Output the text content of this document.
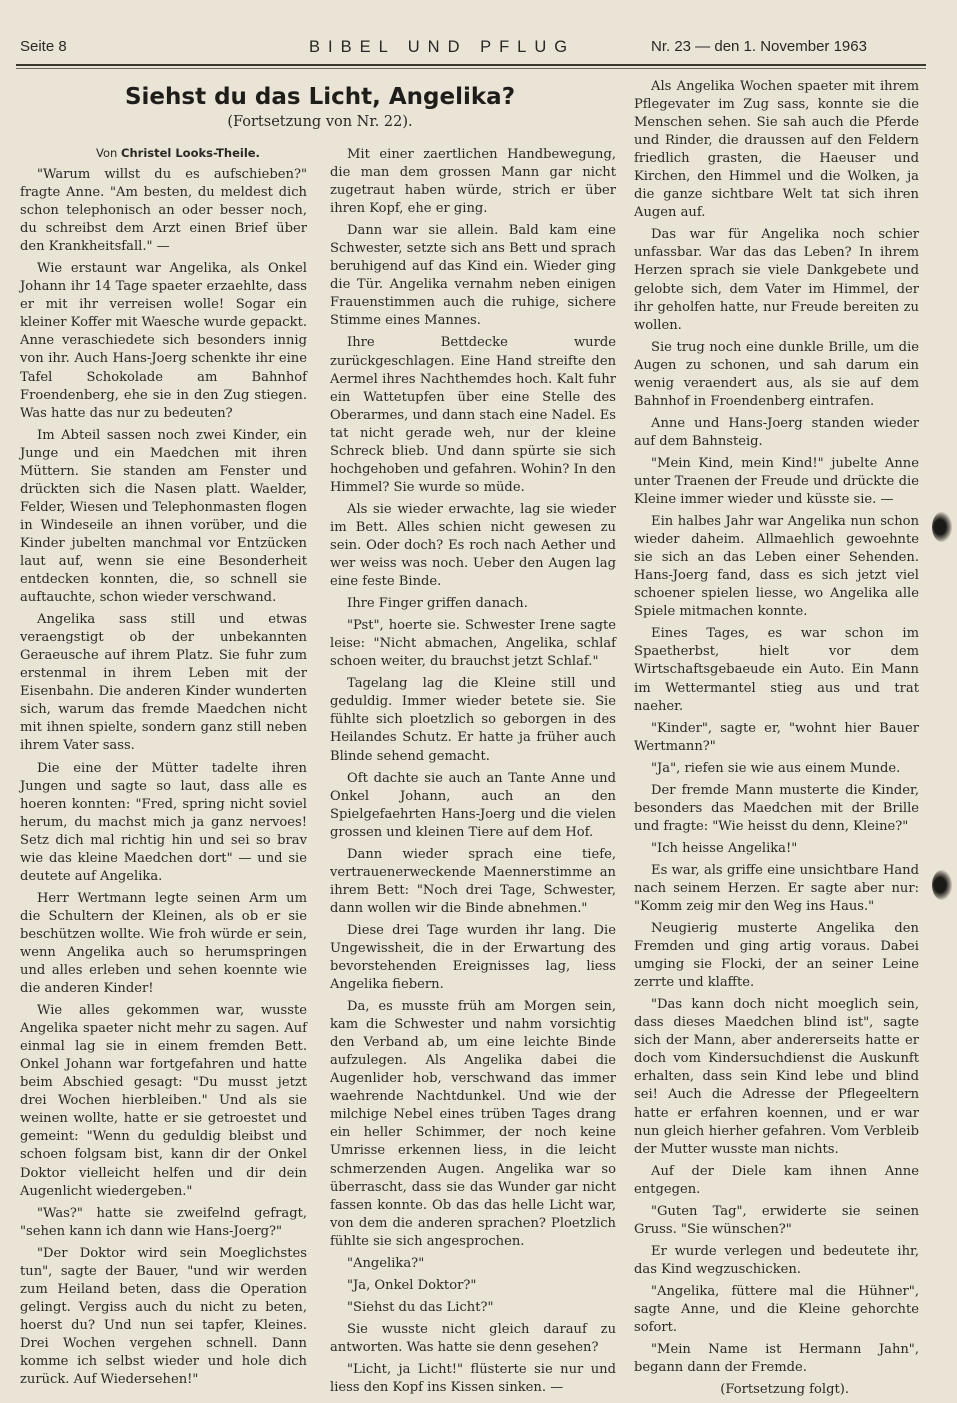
Seite 8	BIBEL UND PFLUG	Nr. 23 — den 1. November 1963
Siehst du das Licht, Angelika?
(Fortsetzung von Nr. 22).
Von Christel Looks-Theile.

"Warum willst du es aufschieben?" fragte Anne. "Am besten, du meldest dich schon telephonisch an oder besser noch, du schreibst dem Arzt einen Brief über den Krankheitsfall." —

Wie erstaunt war Angelika, als Onkel Johann ihr 14 Tage spaeter erzaehlte, dass er mit ihr verreisen wolle! Sogar ein kleiner Koffer mit Waesche wurde gepackt. Anne veraschiedete sich besonders innig von ihr. Auch Hans-Joerg schenkte ihr eine Tafel Schokolade am Bahnhof Froendenberg, ehe sie in den Zug stiegen. Was hatte das nur zu bedeuten?

Im Abteil sassen noch zwei Kinder, ein Junge und ein Maedchen mit ihren Müttern. Sie standen am Fenster und drückten sich die Nasen platt. Waelder, Felder, Wiesen und Telephonmasten flogen in Windeseile an ihnen vorüber, und die Kinder jubelten manchmal vor Entzücken laut auf, wenn sie eine Besonderheit entdecken konnten, die, so schnell sie auftauchte, schon wieder verschwand.

Angelika sass still und etwas veraengstigt ob der unbekannten Geraeusche auf ihrem Platz. Sie fuhr zum erstenmal in ihrem Leben mit der Eisenbahn. Die anderen Kinder wunderten sich, warum das fremde Maedchen nicht mit ihnen spielte, sondern ganz still neben ihrem Vater sass.

Die eine der Mütter tadelte ihren Jungen und sagte so laut, dass alle es hoeren konnten: "Fred, spring nicht soviel herum, du machst mich ja ganz nervoes! Setz dich mal richtig hin und sei so brav wie das kleine Maedchen dort" — und sie deutete auf Angelika.

Herr Wertmann legte seinen Arm um die Schultern der Kleinen, als ob er sie beschützen wollte. Wie froh würde er sein, wenn Angelika auch so herumspringen und alles erleben und sehen koennte wie die anderen Kinder!

Wie alles gekommen war, wusste Angelika spaeter nicht mehr zu sagen. Auf einmal lag sie in einem fremden Bett. Onkel Johann war fortgefahren und hatte beim Abschied gesagt: "Du musst jetzt drei Wochen hierbleiben." Und als sie weinen wollte, hatte er sie getroestet und gemeint: "Wenn du geduldig bleibst und schoen folgsam bist, kann dir der Onkel Doktor vielleicht helfen und dir dein Augenlicht wiedergeben."

"Was?" hatte sie zweifelnd gefragt, "sehen kann ich dann wie Hans-Joerg?"

"Der Doktor wird sein Moeglichstes tun", sagte der Bauer, "und wir werden zum Heiland beten, dass die Operation gelingt. Vergiss auch du nicht zu beten, hoerst du? Und nun sei tapfer, Kleines. Drei Wochen vergehen schnell. Dann komme ich selbst wieder und hole dich zurück. Auf Wiedersehen!"

Mit einer zaertlichen Handbewegung, die man dem grossen Mann gar nicht zugetraut haben würde, strich er über ihren Kopf, ehe er ging.

Dann war sie allein. Bald kam eine Schwester, setzte sich ans Bett und sprach beruhigend auf das Kind ein. Wieder ging die Tür. Angelika vernahm neben einigen Frauenstimmen auch die ruhige, sichere Stimme eines Mannes.

Ihre Bettdecke wurde zurückgeschlagen. Eine Hand streifte den Aermel ihres Nachthemdes hoch. Kalt fuhr ein Wattetupfen über eine Stelle des Oberarmes, und dann stach eine Nadel. Es tat nicht gerade weh, nur der kleine Schreck blieb. Und dann spürte sie sich hochgehoben und gefahren. Wohin? In den Himmel? Sie wurde so müde.

Als sie wieder erwachte, lag sie wieder im Bett. Alles schien nicht gewesen zu sein. Oder doch? Es roch nach Aether und wer weiss was noch. Ueber den Augen lag eine feste Binde.

Ihre Finger griffen danach.

"Pst", hoerte sie. Schwester Irene sagte leise: "Nicht abmachen, Angelika, schlaf schoen weiter, du brauchst jetzt Schlaf."

Tagelang lag die Kleine still und geduldig. Immer wieder betete sie. Sie fühlte sich ploetzlich so geborgen in des Heilandes Schutz. Er hatte ja früher auch Blinde sehend gemacht.

Oft dachte sie auch an Tante Anne und Onkel Johann, auch an den Spielgefaehrten Hans-Joerg und die vielen grossen und kleinen Tiere auf dem Hof.

Dann wieder sprach eine tiefe, vertrauenerweckende Maennerstimme an ihrem Bett: "Noch drei Tage, Schwester, dann wollen wir die Binde abnehmen."

Diese drei Tage wurden ihr lang. Die Ungewissheit, die in der Erwartung des bevorstehenden Ereignisses lag, liess Angelika fiebern.

Da, es musste früh am Morgen sein, kam die Schwester und nahm vorsichtig den Verband ab, um eine leichte Binde aufzulegen. Als Angelika dabei die Augenlider hob, verschwand das immer waehrende Nachtdunkel. Und wie der milchige Nebel eines trüben Tages drang ein heller Schimmer, der noch keine Umrisse erkennen liess, in die leicht schmerzenden Augen. Angelika war so überrascht, dass sie das Wunder gar nicht fassen konnte. Ob das das helle Licht war, von dem die anderen sprachen? Ploetzlich fühlte sie sich angesprochen.

"Angelika?"

"Ja, Onkel Doktor?"

"Siehst du das Licht?"

Sie wusste nicht gleich darauf zu antworten. Was hatte sie denn gesehen?

"Licht, ja Licht!" flüsterte sie nur und liess den Kopf ins Kissen sinken. —

Als Angelika Wochen spaeter mit ihrem Pflegevater im Zug sass, konnte sie die Menschen sehen. Sie sah auch die Pferde und Rinder, die draussen auf den Feldern friedlich grasten, die Haeuser und Kirchen, den Himmel und die Wolken, ja die ganze sichtbare Welt tat sich ihren Augen auf.

Das war für Angelika noch schier unfassbar. War das das Leben? In ihrem Herzen sprach sie viele Dankgebete und gelobte sich, dem Vater im Himmel, der ihr geholfen hatte, nur Freude bereiten zu wollen.

Sie trug noch eine dunkle Brille, um die Augen zu schonen, und sah darum ein wenig veraendert aus, als sie auf dem Bahnhof in Froendenberg eintrafen.

Anne und Hans-Joerg standen wieder auf dem Bahnsteig.

"Mein Kind, mein Kind!" jubelte Anne unter Traenen der Freude und drückte die Kleine immer wieder und küsste sie. —

Ein halbes Jahr war Angelika nun schon wieder daheim. Allmaehlich gewoehnte sie sich an das Leben einer Sehenden. Hans-Joerg fand, dass es sich jetzt viel schoener spielen liesse, wo Angelika alle Spiele mitmachen konnte.

Eines Tages, es war schon im Spaetherbst, hielt vor dem Wirtschaftsgebaeude ein Auto. Ein Mann im Wettermantel stieg aus und trat naeher.

"Kinder", sagte er, "wohnt hier Bauer Wertmann?"

"Ja", riefen sie wie aus einem Munde.

Der fremde Mann musterte die Kinder, besonders das Maedchen mit der Brille und fragte: "Wie heisst du denn, Kleine?"

"Ich heisse Angelika!"

Es war, als griffe eine unsichtbare Hand nach seinem Herzen. Er sagte aber nur: "Komm zeig mir den Weg ins Haus."

Neugierig musterte Angelika den Fremden und ging artig voraus. Dabei umging sie Flocki, der an seiner Leine zerrte und klaffte.

"Das kann doch nicht moeglich sein, dass dieses Maedchen blind ist", sagte sich der Mann, aber andererseits hatte er doch vom Kindersuchdienst die Auskunft erhalten, dass sein Kind lebe und blind sei! Auch die Adresse der Pflegeeltern hatte er erfahren koennen, und er war nun gleich hierher gefahren. Vom Verbleib der Mutter wusste man nichts.

Auf der Diele kam ihnen Anne entgegen.

"Guten Tag", erwiderte sie seinen Gruss. "Sie wünschen?"

Er wurde verlegen und bedeutete ihr, das Kind wegzuschicken.

"Angelika, füttere mal die Hühner", sagte Anne, und die Kleine gehorchte sofort.

"Mein Name ist Hermann Jahn", begann dann der Fremde.

(Fortsetzung folgt).
